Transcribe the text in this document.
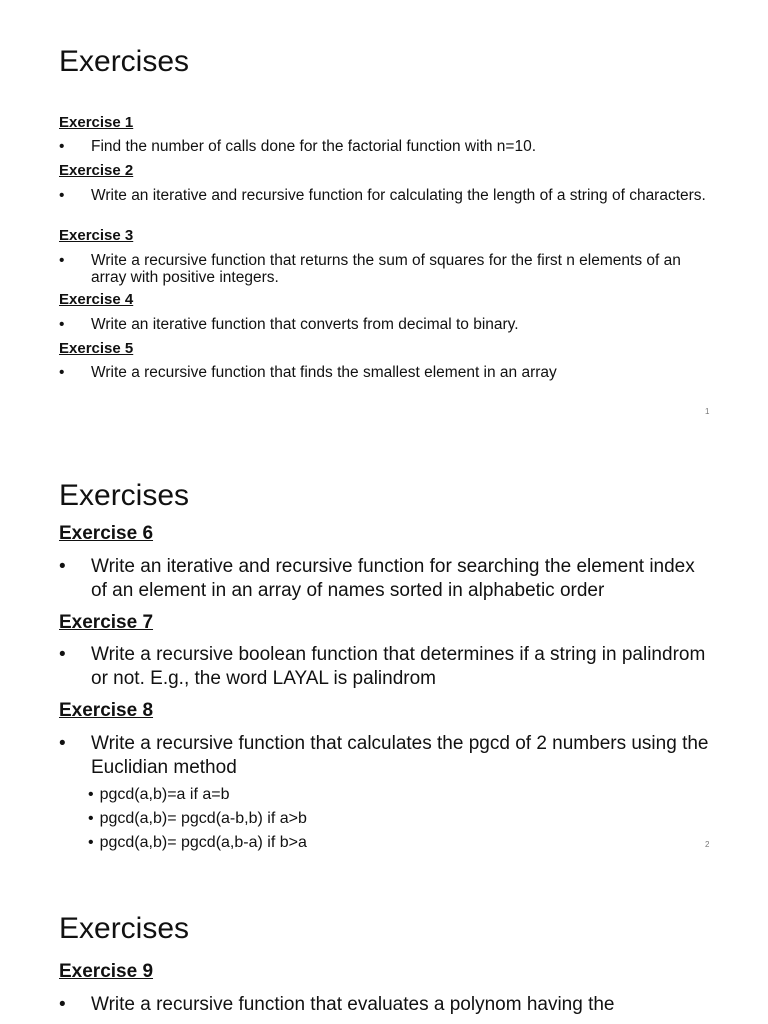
Exercises
Exercise 1
• Find the number of calls done for the factorial function with n=10.
Exercise 2
• Write an iterative and recursive function for calculating the length of a string of characters.
Exercise 3
• Write a recursive function that returns the sum of squares for the first n elements of an array with positive integers.
Exercise 4
• Write an iterative function that converts from decimal to binary.
Exercise 5
• Write a recursive function that finds the smallest element in an array
1
Exercises
Exercise 6
• Write an iterative and recursive function for searching the element index of an element in an array of names sorted in alphabetic order
Exercise 7
• Write a recursive boolean function that determines if a string in palindrom or not. E.g., the word LAYAL is palindrom
Exercise 8
• Write a recursive function that calculates the pgcd of 2 numbers using the Euclidian method
• pgcd(a,b)=a if a=b
• pgcd(a,b)= pgcd(a-b,b) if a>b
• pgcd(a,b)= pgcd(a,b-a) if b>a	2
Exercises
Exercise 9
• Write a recursive function that evaluates a polynom having the
